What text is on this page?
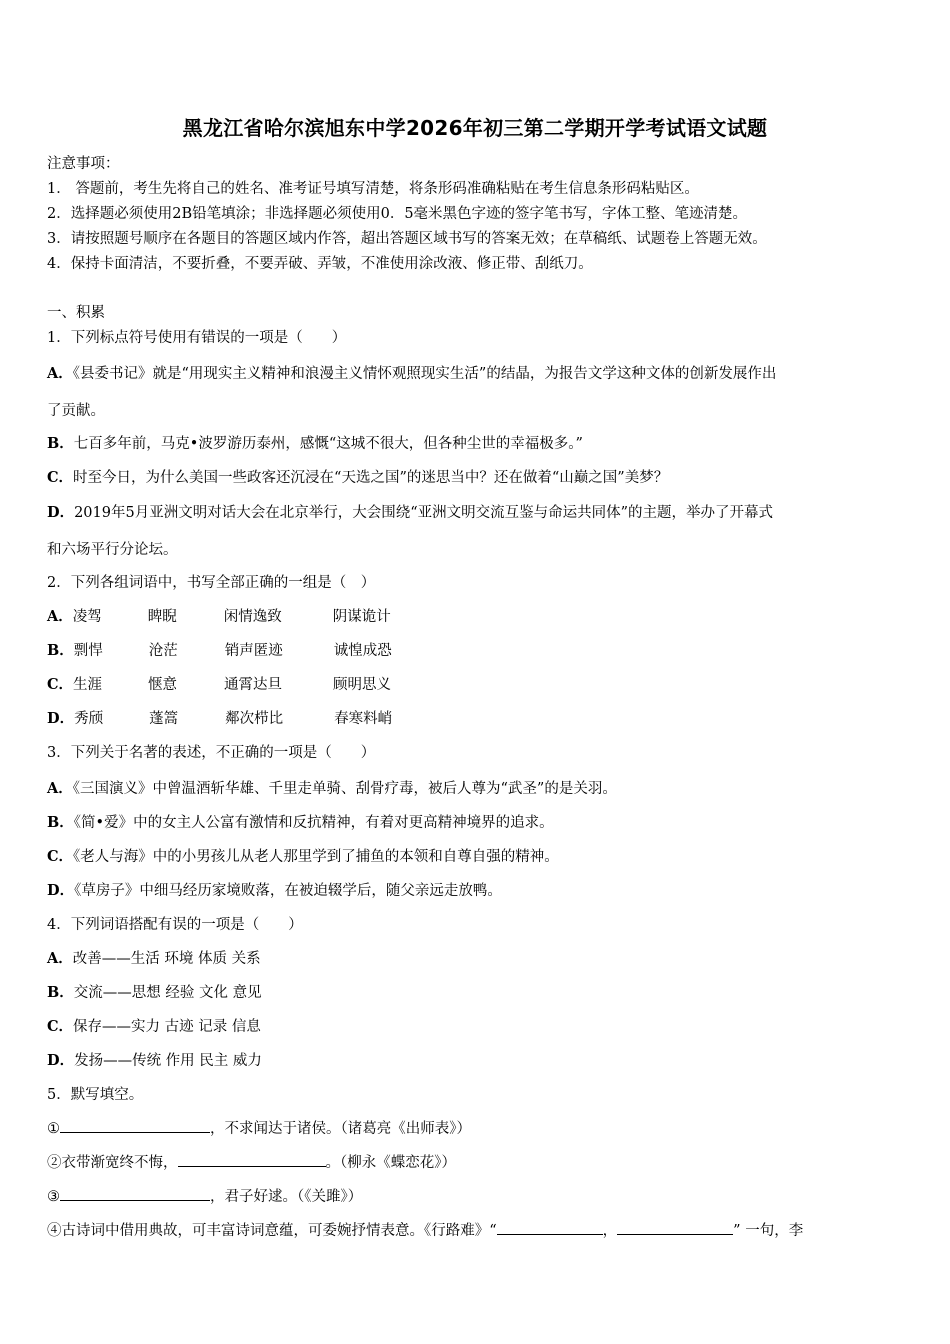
黑龙江省哈尔滨旭东中学2026年初三第二学期开学考试语文试题
注意事项：
1． 答题前，考生先将自己的姓名、准考证号填写清楚，将条形码准确粘贴在考生信息条形码粘贴区。
2．选择题必须使用2B铅笔填涂；非选择题必须使用0．5毫米黑色字迹的签字笔书写，字体工整、笔迹清楚。
3．请按照题号顺序在各题目的答题区域内作答，超出答题区域书写的答案无效；在草稿纸、试题卷上答题无效。
4．保持卡面清洁，不要折叠，不要弄破、弄皱，不准使用涂改液、修正带、刮纸刀。
一、积累
1．下列标点符号使用有错误的一项是（　　）
A．《县委书记》就是“用现实主义精神和浪漫主义情怀观照现实生活”的结晶，为报告文学这种文体的创新发展作出
了贡献。
B．七百多年前，马克•波罗游历泰州，感慨“这城不很大，但各种尘世的幸福极多。”
C．时至今日，为什么美国一些政客还沉浸在“天选之国”的迷思当中？还在做着“山巅之国”美梦？
D．2019年5月亚洲文明对话大会在北京举行，大会围绕“亚洲文明交流互鉴与命运共同体”的主题，举办了开幕式
和六场平行分论坛。
2．下列各组词语中，书写全部正确的一组是（　）
A．凌驾	睥睨	闲情逸致	阴谋诡计
B．剽悍	沧茫	销声匿迹	诚惶成恐
C．生涯	惬意	通霄达旦	顾明思义
D．秀颀	蓬篙	鄰次栉比	春寒料峭
3．下列关于名著的表述，不正确的一项是（　　）
A．《三国演义》中曾温酒斩华雄、千里走单骑、刮骨疗毒，被后人尊为“武圣”的是关羽。
B．《简•爱》中的女主人公富有激情和反抗精神，有着对更高精神境界的追求。
C．《老人与海》中的小男孩儿从老人那里学到了捕鱼的本领和自尊自强的精神。
D．《草房子》中细马经历家境败落，在被迫辍学后，随父亲远走放鸭。
4．下列词语搭配有误的一项是（　　）
A．改善——生活 环境 体质 关系
B．交流——思想 经验 文化 意见
C．保存——实力 古迹 记录 信息
D．发扬——传统 作用 民主 威力
5．默写填空。
①	，不求闻达于诸侯。（诸葛亮《出师表》）
②衣带渐宽终不悔，	。（柳永《蝶恋花》）
③	，君子好逑。（《关雎》）
④古诗词中借用典故，可丰富诗词意蕴，可委婉抒情表意。《行路难》“	，	” 一句，李
